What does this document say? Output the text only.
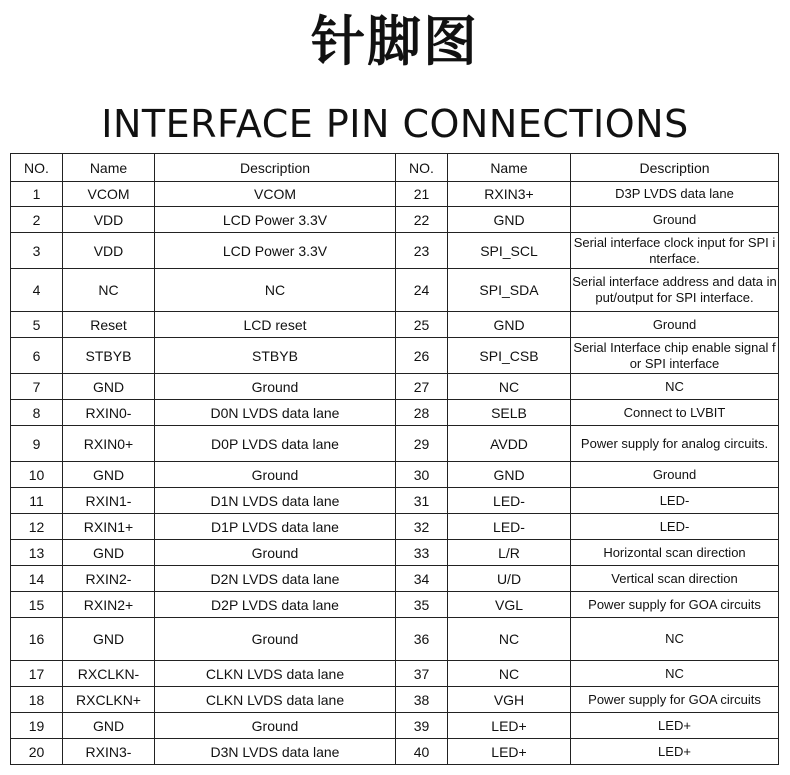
针脚图
INTERFACE PIN CONNECTIONS
NO.	Name	Description	NO.	Name	Description
1	VCOM	VCOM	21	RXIN3+	D3P LVDS data lane
2	VDD	LCD Power 3.3V	22	GND	Ground
3	VDD	LCD Power 3.3V	23	SPI_SCL	Serial interface clock input for SPI interface.
4	NC	NC	24	SPI_SDA	Serial interface address and data input/output for SPI interface.
5	Reset	LCD reset	25	GND	Ground
6	STBYB	STBYB	26	SPI_CSB	Serial Interface chip enable signal for SPI interface
7	GND	Ground	27	NC	NC
8	RXIN0-	D0N LVDS data lane	28	SELB	Connect to LVBIT
9	RXIN0+	D0P LVDS data lane	29	AVDD	Power supply for analog circuits.
10	GND	Ground	30	GND	Ground
11	RXIN1-	D1N LVDS data lane	31	LED-	LED-
12	RXIN1+	D1P LVDS data lane	32	LED-	LED-
13	GND	Ground	33	L/R	Horizontal scan direction
14	RXIN2-	D2N LVDS data lane	34	U/D	Vertical scan direction
15	RXIN2+	D2P LVDS data lane	35	VGL	Power supply for GOA circuits
16	GND	Ground	36	NC	NC
17	RXCLKN-	CLKN LVDS data lane	37	NC	NC
18	RXCLKN+	CLKN LVDS data lane	38	VGH	Power supply for GOA circuits
19	GND	Ground	39	LED+	LED+
20	RXIN3-	D3N LVDS data lane	40	LED+	LED+
